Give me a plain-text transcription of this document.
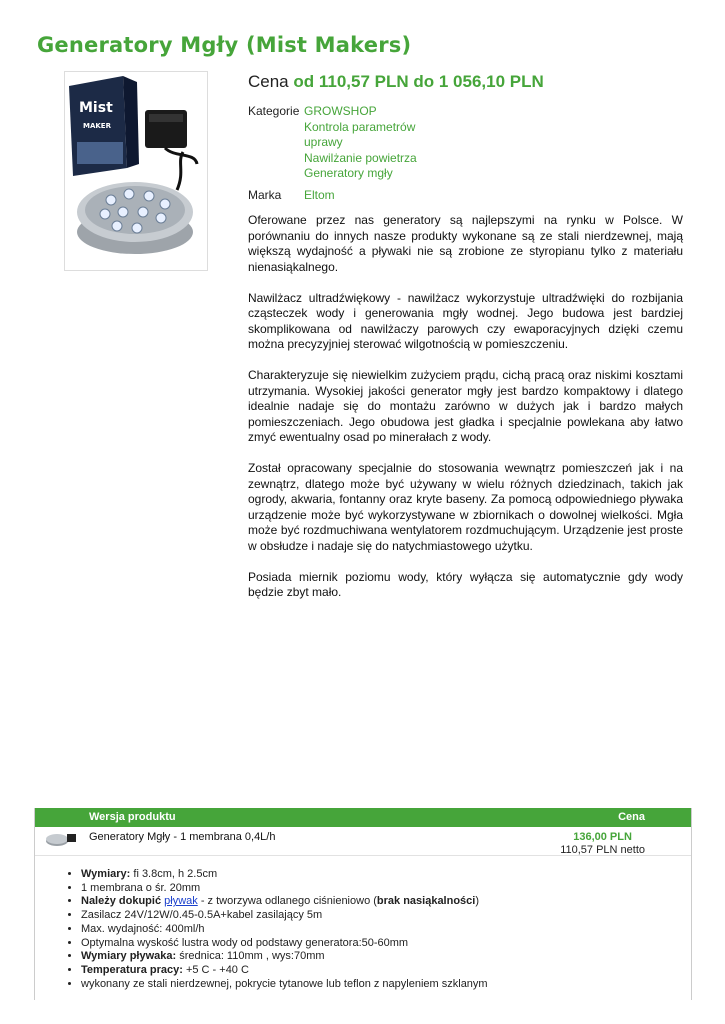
Generatory Mgły (Mist Makers)
Mist
MAKER
Cena od 110,57 PLN do 1 056,10 PLN
Kategorie GROWSHOP
Kontrola parametrów
uprawy
Nawilżanie powietrza
Generatory mgły
Marka	Eltom

Oferowane przez nas generatory są najlepszymi na rynku w Polsce. W porównaniu do innych nasze produkty wykonane są ze stali nierdzewnej, mają większą wydajność a pływaki nie są zrobione ze styropianu tylko z materiału nienasiąkalnego.

Nawilżacz ultradźwiękowy - nawilżacz wykorzystuje ultradźwięki do rozbijania cząsteczek wody i generowania mgły wodnej. Jego budowa jest bardziej skomplikowana od nawilżaczy parowych czy ewaporacyjnych dzięki czemu można precyzyjniej sterować wilgotnością w pomieszczeniu.

Charakteryzuje się niewielkim zużyciem prądu, cichą pracą oraz niskimi kosztami utrzymania. Wysokiej jakości generator mgły jest bardzo kompaktowy i dlatego idealnie nadaje się do montażu zarówno w dużych jak i bardzo małych pomieszczeniach. Jego obudowa jest gładka i specjalnie powlekana aby łatwo zmyć ewentualny osad po minerałach z wody.

Został opracowany specjalnie do stosowania wewnątrz pomieszczeń jak i na zewnątrz, dlatego może być używany w wielu różnych dziedzinach, takich jak ogrody, akwaria, fontanny oraz kryte baseny. Za pomocą odpowiedniego pływaka urządzenie może być wykorzystywane w zbiornikach o dowolnej wielkości. Mgła może być rozdmuchiwana wentylatorem rozdmuchującym. Urządzenie jest proste w obsłudze i nadaje się do natychmiastowego użytku.

Posiada miernik poziomu wody, który wyłącza się automatycznie gdy wody będzie zbyt mało.

Wersja produktu	Cena
Generatory Mgły - 1 membrana 0,4L/h	136,00 PLN
110,57 PLN netto
• Wymiary: fi 3.8cm, h 2.5cm
• 1 membrana o śr. 20mm
• Należy dokupić pływak - z tworzywa odlanego ciśnieniowo (brak nasiąkalności)
• Zasilacz 24V/12W/0.45-0.5A+kabel zasilający 5m
• Max. wydajność: 400ml/h
• Optymalna wyskość lustra wody od podstawy generatora:50-60mm
• Wymiary pływaka: średnica: 110mm , wys:70mm
• Temperatura pracy: +5 C - +40 C
• wykonany ze stali nierdzewnej, pokrycie tytanowe lub teflon z napyleniem szklanym
